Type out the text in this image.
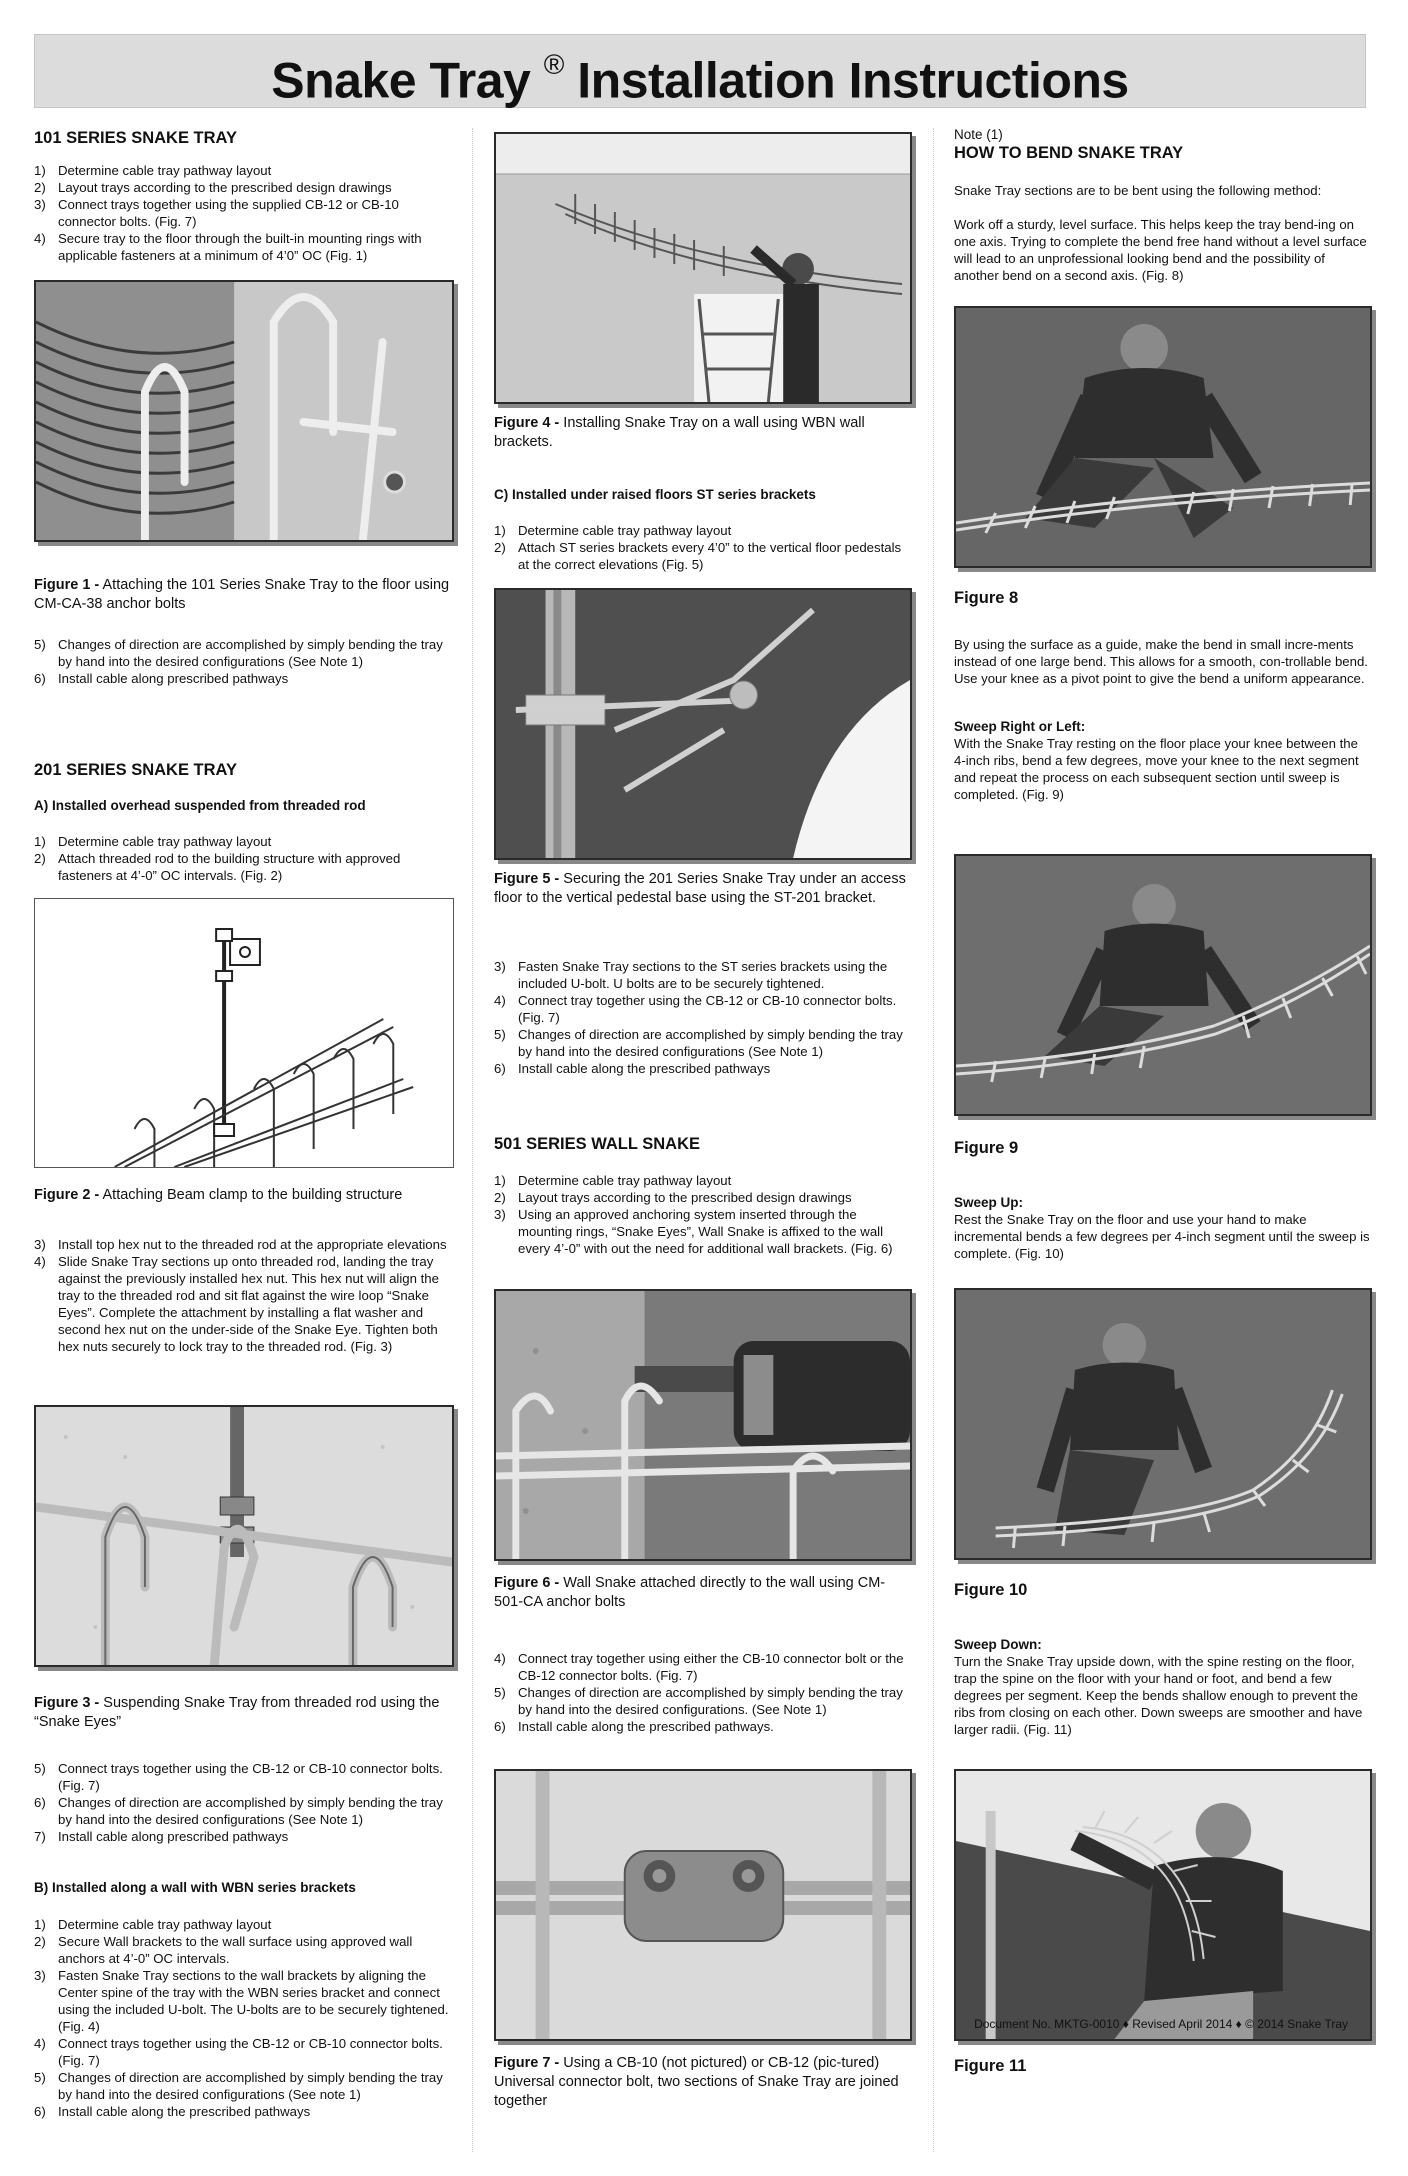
Snake Tray ® Installation Instructions
101 SERIES SNAKE TRAY
1) Determine cable tray pathway layout
2) Layout trays according to the prescribed design drawings
3) Connect trays together using the supplied CB-12 or CB-10 connector bolts. (Fig. 7)
4) Secure tray to the floor through the built-in mounting rings with applicable fasteners at a minimum of 4’0” OC (Fig. 1)
Figure 1 - Attaching the 101 Series Snake Tray to the floor using CM-CA-38 anchor bolts
5) Changes of direction are accomplished by simply bending the tray by hand into the desired configurations (See Note 1)
6) Install cable along prescribed pathways
201 SERIES SNAKE TRAY
A) Installed overhead suspended from threaded rod
1) Determine cable tray pathway layout
2) Attach threaded rod to the building structure with approved fasteners at 4’-0” OC intervals. (Fig. 2)
Figure 2 - Attaching Beam clamp to the building structure
3) Install top hex nut to the threaded rod at the appropriate elevations
4) Slide Snake Tray sections up onto threaded rod, landing the tray against the previously installed hex nut. This hex nut will align the tray to the threaded rod and sit flat against the wire loop “Snake Eyes”. Complete the attachment by installing a flat washer and second hex nut on the under-side of the Snake Eye. Tighten both hex nuts securely to lock tray to the threaded rod. (Fig. 3)
Figure 3 - Suspending Snake Tray from threaded rod using the “Snake Eyes”
5) Connect trays together using the CB-12 or CB-10 connector bolts. (Fig. 7)
6) Changes of direction are accomplished by simply bending the tray by hand into the desired configurations (See Note 1)
7) Install cable along prescribed pathways
B) Installed along a wall with WBN series brackets
1) Determine cable tray pathway layout
2) Secure Wall brackets to the wall surface using approved wall anchors at 4’-0” OC intervals.
3) Fasten Snake Tray sections to the wall brackets by aligning the Center spine of the tray with the WBN series bracket and connect using the included U-bolt. The U-bolts are to be securely tightened. (Fig. 4)
4) Connect trays together using the CB-12 or CB-10 connector bolts. (Fig. 7)
5) Changes of direction are accomplished by simply bending the tray by hand into the desired configurations (See note 1)
6) Install cable along the prescribed pathways
Figure 4 - Installing Snake Tray on a wall using WBN wall brackets.
C) Installed under raised floors ST series brackets
1) Determine cable tray pathway layout
2) Attach ST series brackets every 4’0” to the vertical floor pedestals at the correct elevations (Fig. 5)
Figure 5 - Securing the 201 Series Snake Tray under an access floor to the vertical pedestal base using the ST-201 bracket.
3) Fasten Snake Tray sections to the ST series brackets using the included U-bolt. U bolts are to be securely tightened.
4) Connect tray together using the CB-12 or CB-10 connector bolts. (Fig. 7)
5) Changes of direction are accomplished by simply bending the tray by hand into the desired configurations (See Note 1)
6) Install cable along the prescribed pathways
501 SERIES WALL SNAKE
1) Determine cable tray pathway layout
2) Layout trays according to the prescribed design drawings
3) Using an approved anchoring system inserted through the mounting rings, “Snake Eyes”, Wall Snake is affixed to the wall every 4’-0” with out the need for additional wall brackets. (Fig. 6)
Figure 6 - Wall Snake attached directly to the wall using CM-501-CA anchor bolts
4) Connect tray together using either the CB-10 connector bolt or the CB-12 connector bolts. (Fig. 7)
5) Changes of direction are accomplished by simply bending the tray by hand into the desired configurations. (See Note 1)
6) Install cable along the prescribed pathways.
Figure 7 - Using a CB-10 (not pictured) or CB-12 (pic-tured) Universal connector bolt, two sections of Snake Tray are joined together
Note (1)
HOW TO BEND SNAKE TRAY
Snake Tray sections are to be bent using the following method:
Work off a sturdy, level surface. This helps keep the tray bend-ing on one axis. Trying to complete the bend free hand without a level surface will lead to an unprofessional looking bend and the possibility of another bend on a second axis. (Fig. 8)
Figure 8
By using the surface as a guide, make the bend in small incre-ments instead of one large bend. This allows for a smooth, con-trollable bend. Use your knee as a pivot point to give the bend a uniform appearance.
Sweep Right or Left:
With the Snake Tray resting on the floor place your knee between the 4-inch ribs, bend a few degrees, move your knee to the next segment and repeat the process on each subsequent section until sweep is completed. (Fig. 9)
Figure 9
Sweep Up:
Rest the Snake Tray on the floor and use your hand to make incremental bends a few degrees per 4-inch segment until the sweep is complete. (Fig. 10)
Figure 10
Sweep Down:
Turn the Snake Tray upside down, with the spine resting on the floor, trap the spine on the floor with your hand or foot, and bend a few degrees per segment. Keep the bends shallow enough to prevent the ribs from closing on each other. Down sweeps are smoother and have larger radii. (Fig. 11)
Figure 11
Document No. MKTG-0010 ♦ Revised April 2014 ♦ © 2014 Snake Tray
